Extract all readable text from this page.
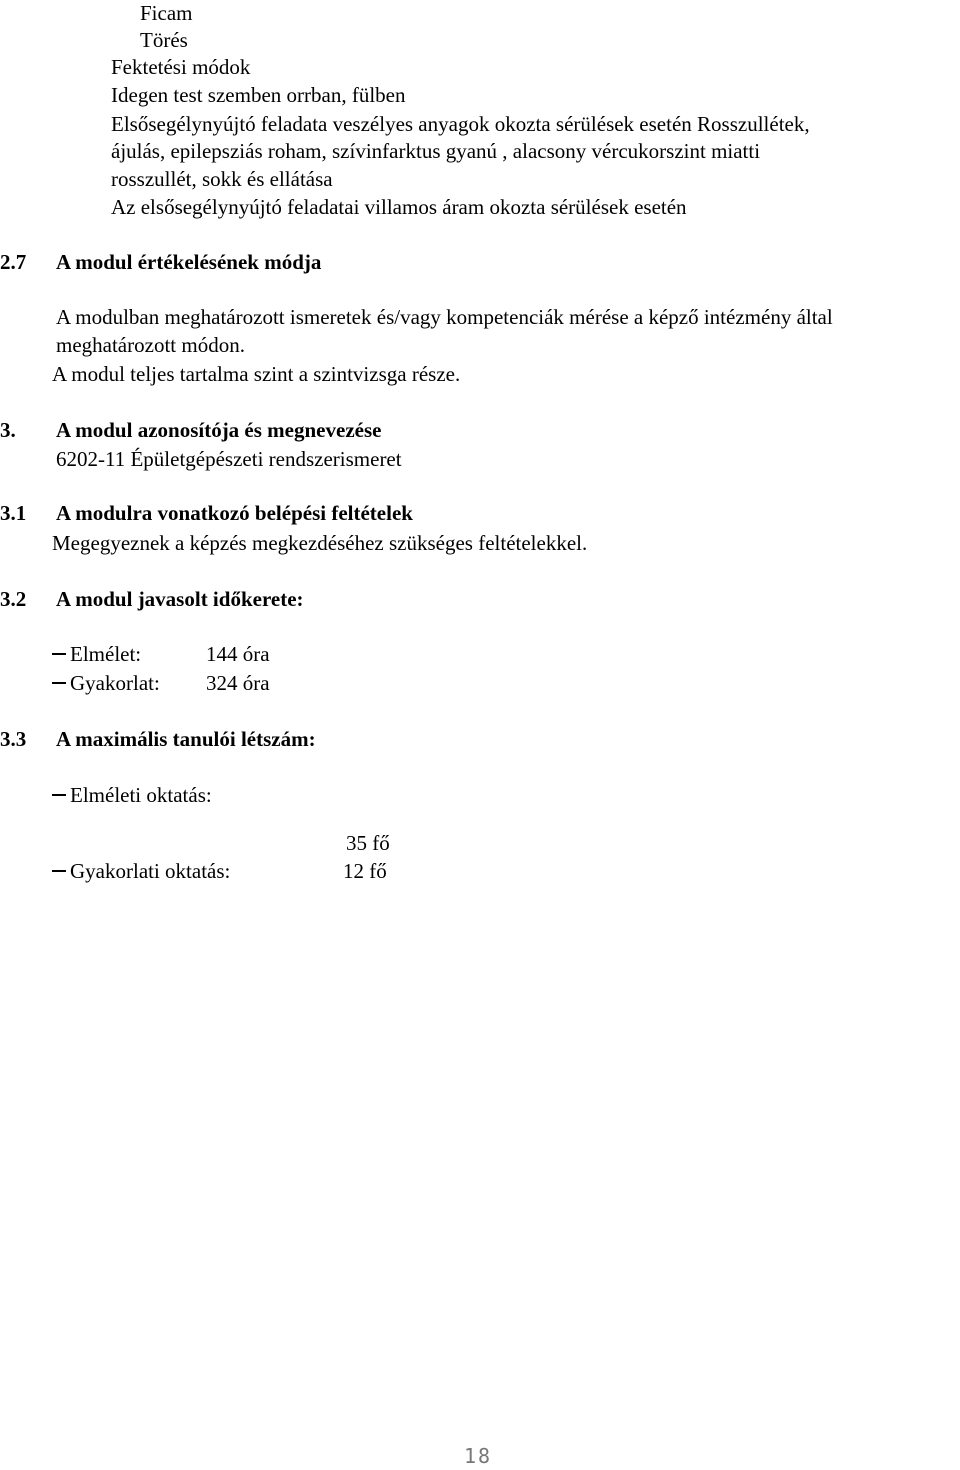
Ficam
Törés
Fektetési módok
Idegen test szemben orrban, fülben
Elsősegélynyújtó feladata veszélyes anyagok okozta sérülések esetén Rosszullétek,
ájulás, epilepsziás roham, szívinfarktus gyanú , alacsony vércukorszint miatti
rosszullét, sokk és ellátása
Az elsősegélynyújtó feladatai villamos áram okozta sérülések esetén
2.7 A modul értékelésének módja
A modulban meghatározott ismeretek és/vagy kompetenciák mérése a képző intézmény által
meghatározott módon.
A modul teljes tartalma szint a szintvizsga része.
3. A modul azonosítója és megnevezése
6202-11 Épületgépészeti rendszerismeret
3.1 A modulra vonatkozó belépési feltételek
Megegyeznek a képzés megkezdéséhez szükséges feltételekkel.
3.2 A modul javasolt időkerete:
Elmélet:	144 óra
Gyakorlat: 324 óra
3.3 A maximális tanulói létszám:
Elméleti oktatás:
35 fő
Gyakorlati oktatás:	12 fő
18
